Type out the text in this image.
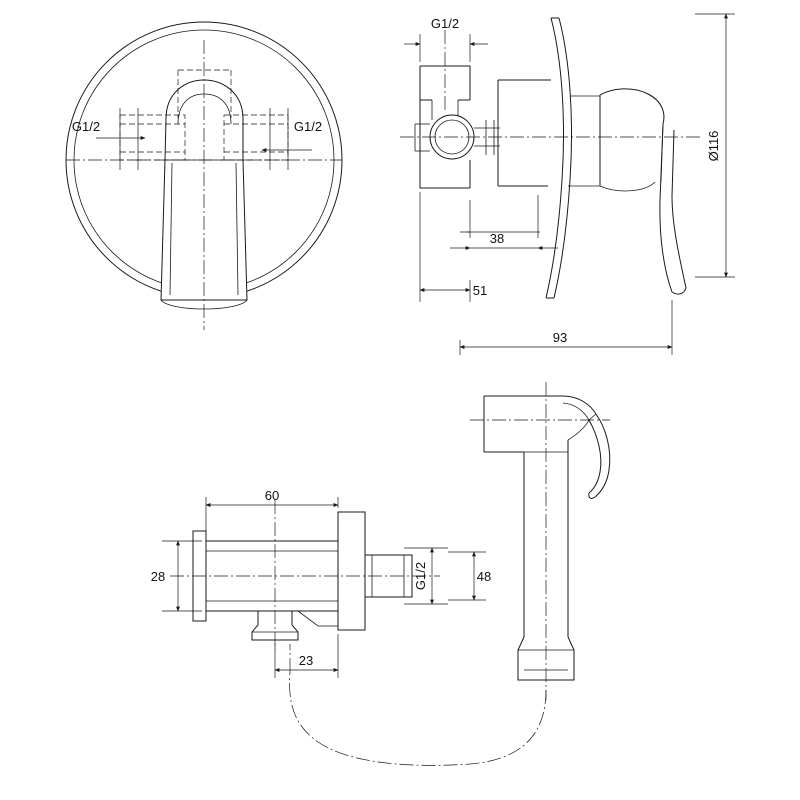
G1/2	G1/2
G1/2
Ø116
38
51
93
60
28
23
G1/2	48
